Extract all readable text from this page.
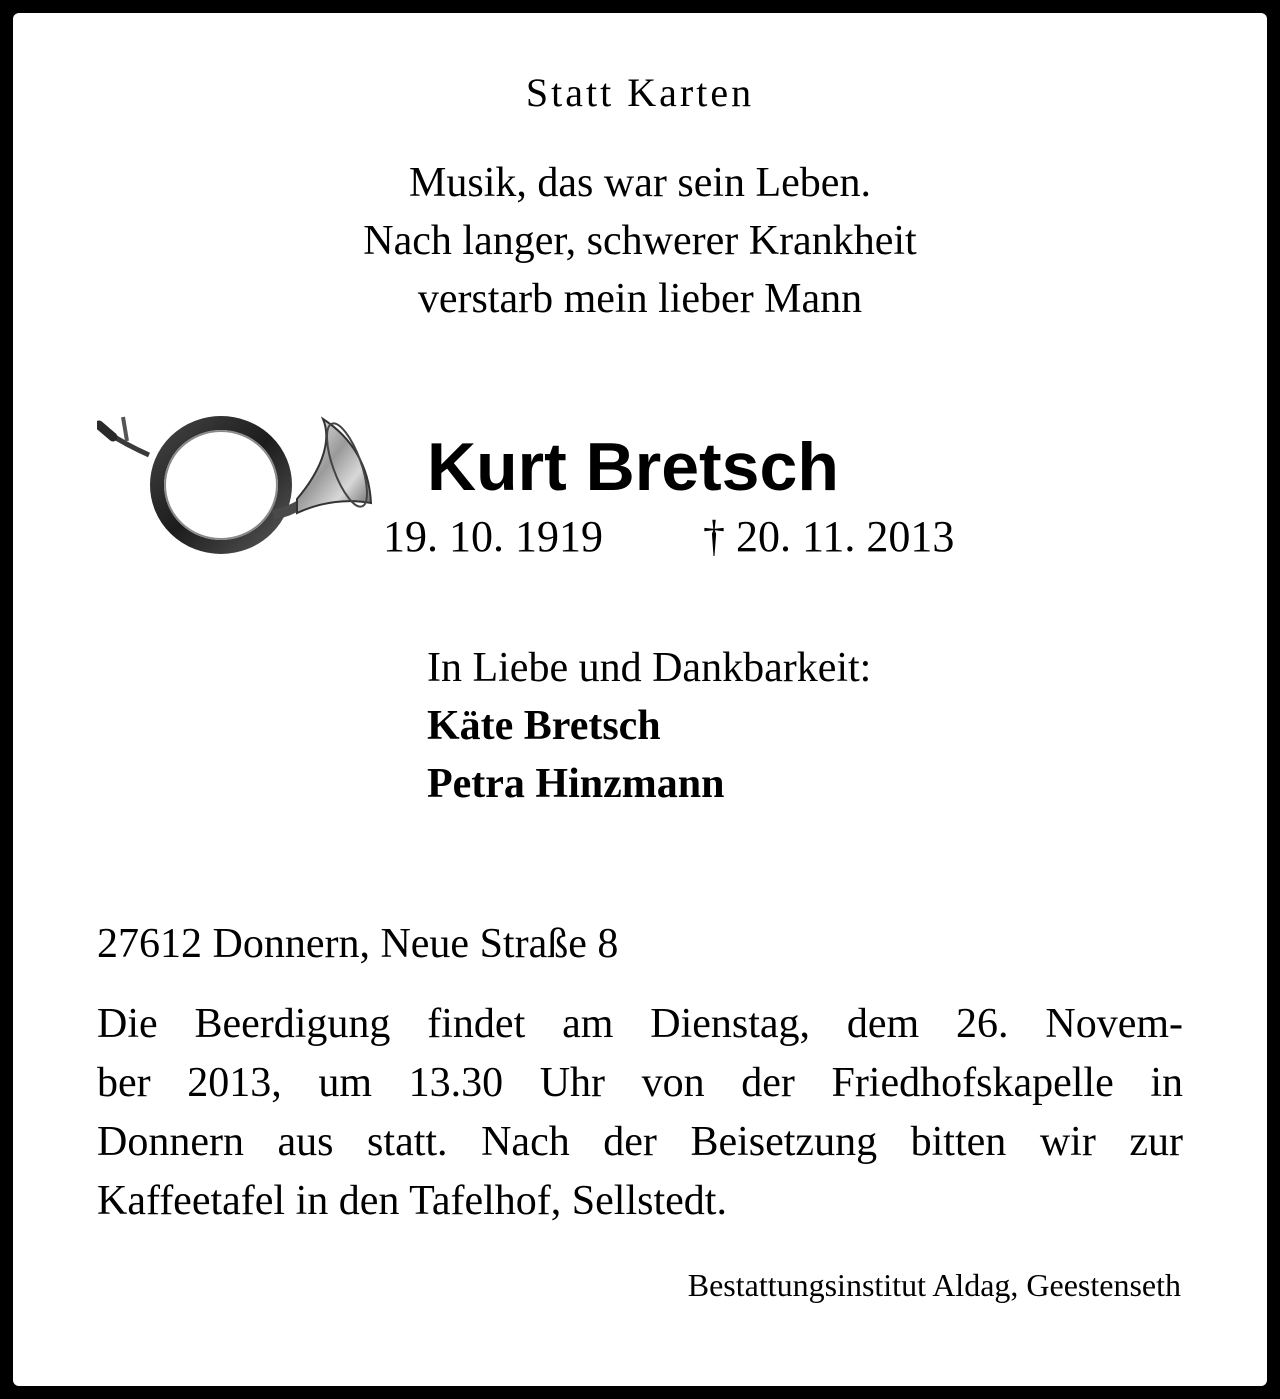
Statt Karten
Musik, das war sein Leben.
Nach langer, schwerer Krankheit
verstarb mein lieber Mann
Kurt Bretsch
19. 10. 1919 † 20. 11. 2013
In Liebe und Dankbarkeit:
Käte Bretsch
Petra Hinzmann
27612 Donnern, Neue Straße 8
Die Beerdigung findet am Dienstag, dem 26. Novem-
ber 2013, um 13.30 Uhr von der Friedhofskapelle in
Donnern aus statt. Nach der Beisetzung bitten wir zur
Kaffeetafel in den Tafelhof, Sellstedt.
Bestattungsinstitut Aldag, Geestenseth
